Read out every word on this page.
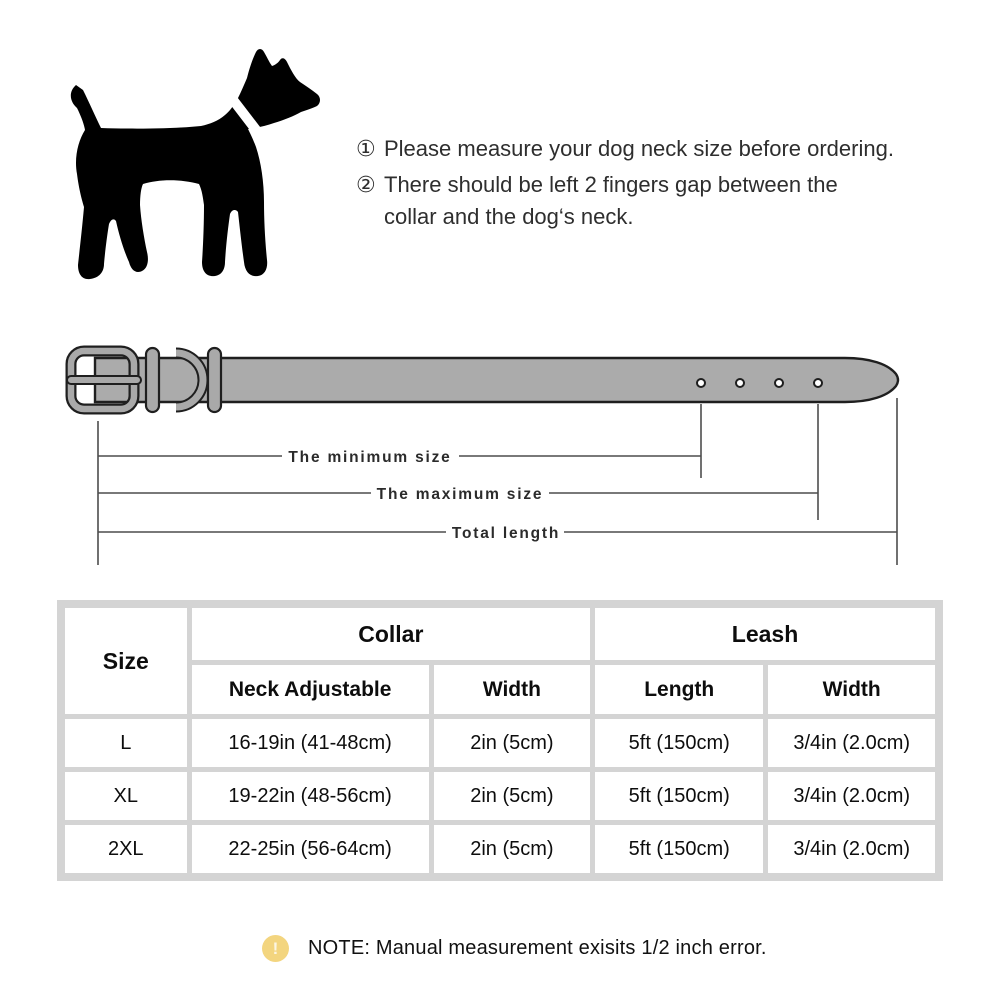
① Please measure your dog neck size before ordering.
② There should be left 2 fingers gap between the
collar and the dog‘s neck.
The minimum size
The maximum size
Total length
Size	Collar		Leash	
	Neck Adjustable	Width	Length	Width
L	16-19in (41-48cm)	2in (5cm)	5ft (150cm)	3/4in (2.0cm)
XL	19-22in (48-56cm)	2in (5cm)	5ft (150cm)	3/4in (2.0cm)
2XL	22-25in (56-64cm)	2in (5cm)	5ft (150cm)	3/4in (2.0cm)
!	NOTE: Manual measurement exisits 1/2 inch error.
